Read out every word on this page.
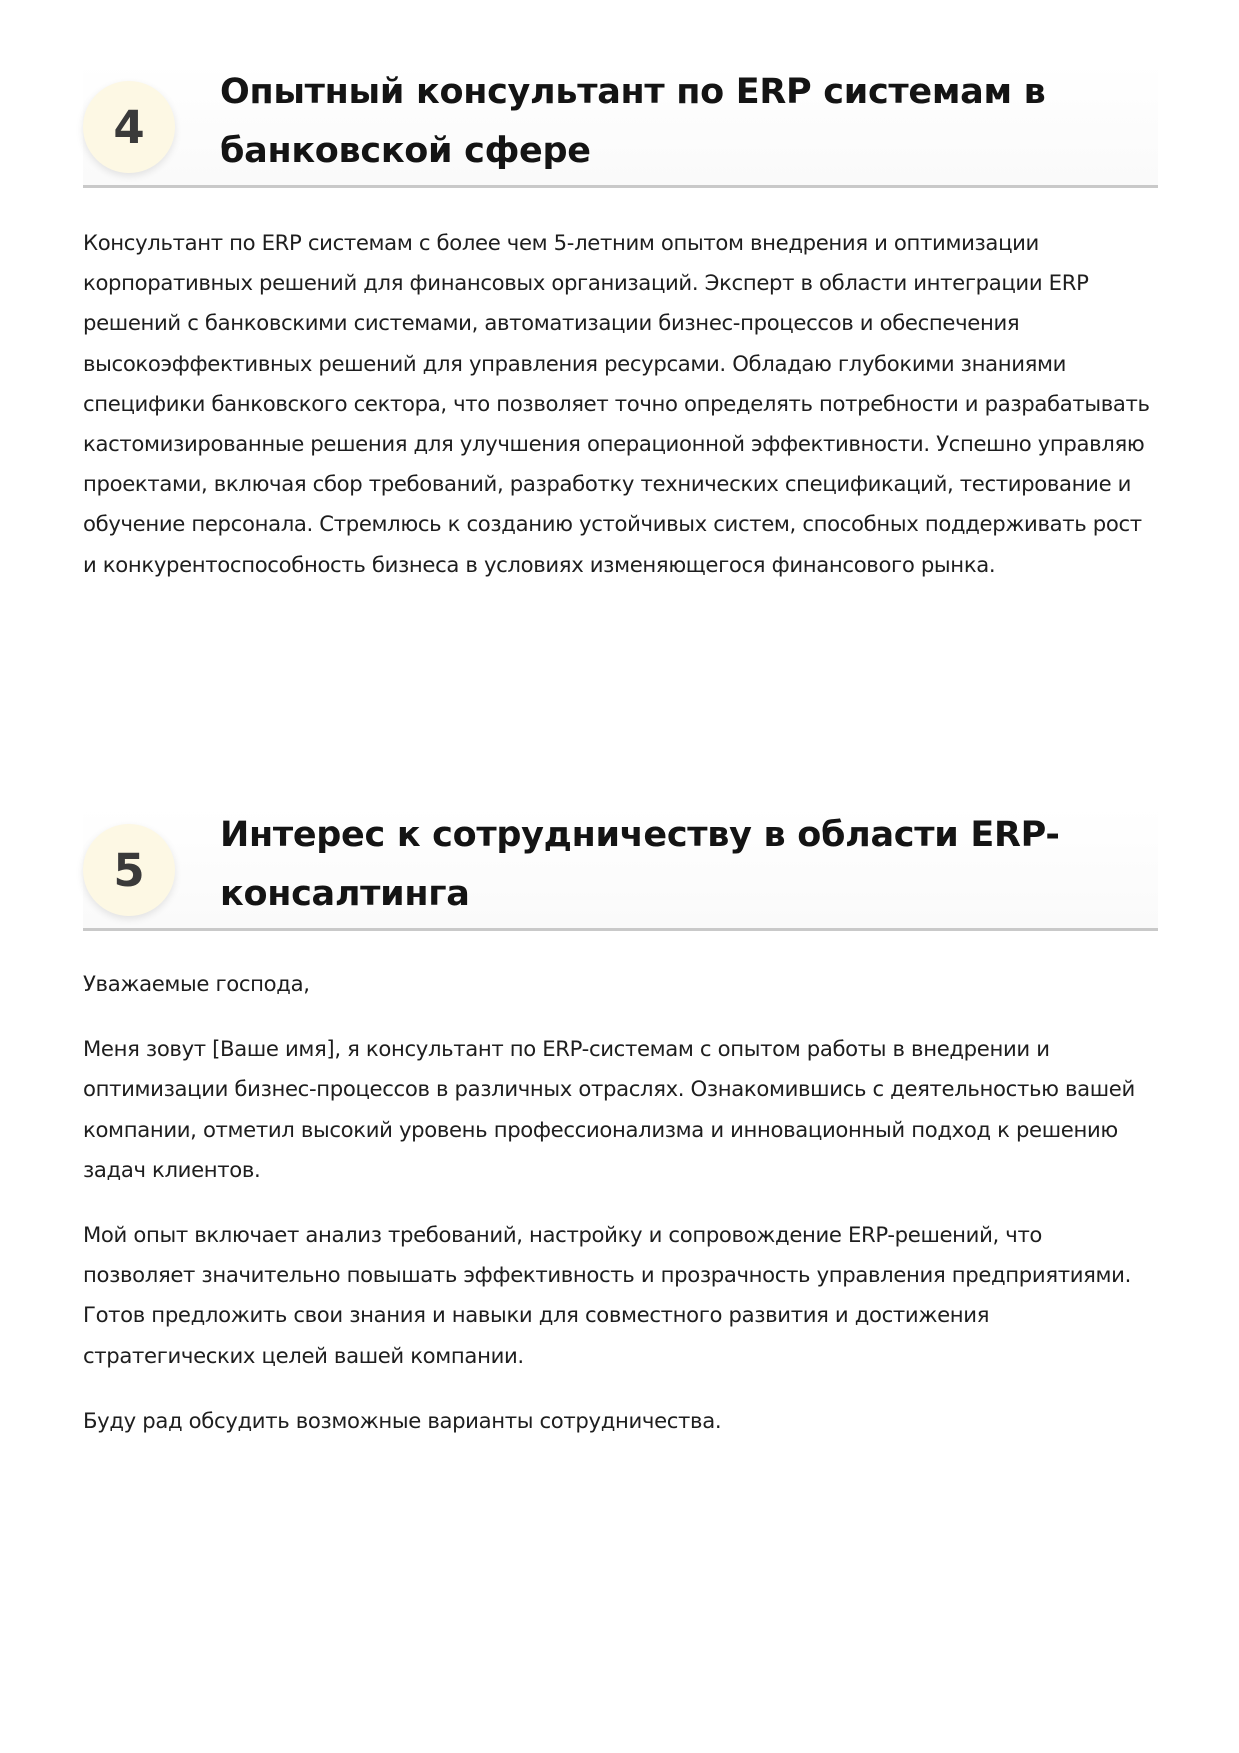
4
Опытный консультант по ERP системам в банковской сфере

Консультант по ERP системам с более чем 5-летним опытом внедрения и оптимизации корпоративных решений для финансовых организаций. Эксперт в области интеграции ERP решений с банковскими системами, автоматизации бизнес-процессов и обеспечения высокоэффективных решений для управления ресурсами. Обладаю глубокими знаниями специфики банковского сектора, что позволяет точно определять потребности и разрабатывать кастомизированные решения для улучшения операционной эффективности. Успешно управляю проектами, включая сбор требований, разработку технических спецификаций, тестирование и обучение персонала. Стремлюсь к созданию устойчивых систем, способных поддерживать рост и конкурентоспособность бизнеса в условиях изменяющегося финансового рынка.

5
Интерес к сотрудничеству в области ERP-консалтинга

Уважаемые господа,

Меня зовут [Ваше имя], я консультант по ERP-системам с опытом работы в внедрении и оптимизации бизнес-процессов в различных отраслях. Ознакомившись с деятельностью вашей компании, отметил высокий уровень профессионализма и инновационный подход к решению задач клиентов.

Мой опыт включает анализ требований, настройку и сопровождение ERP-решений, что позволяет значительно повышать эффективность и прозрачность управления предприятиями. Готов предложить свои знания и навыки для совместного развития и достижения стратегических целей вашей компании.

Буду рад обсудить возможные варианты сотрудничества.
